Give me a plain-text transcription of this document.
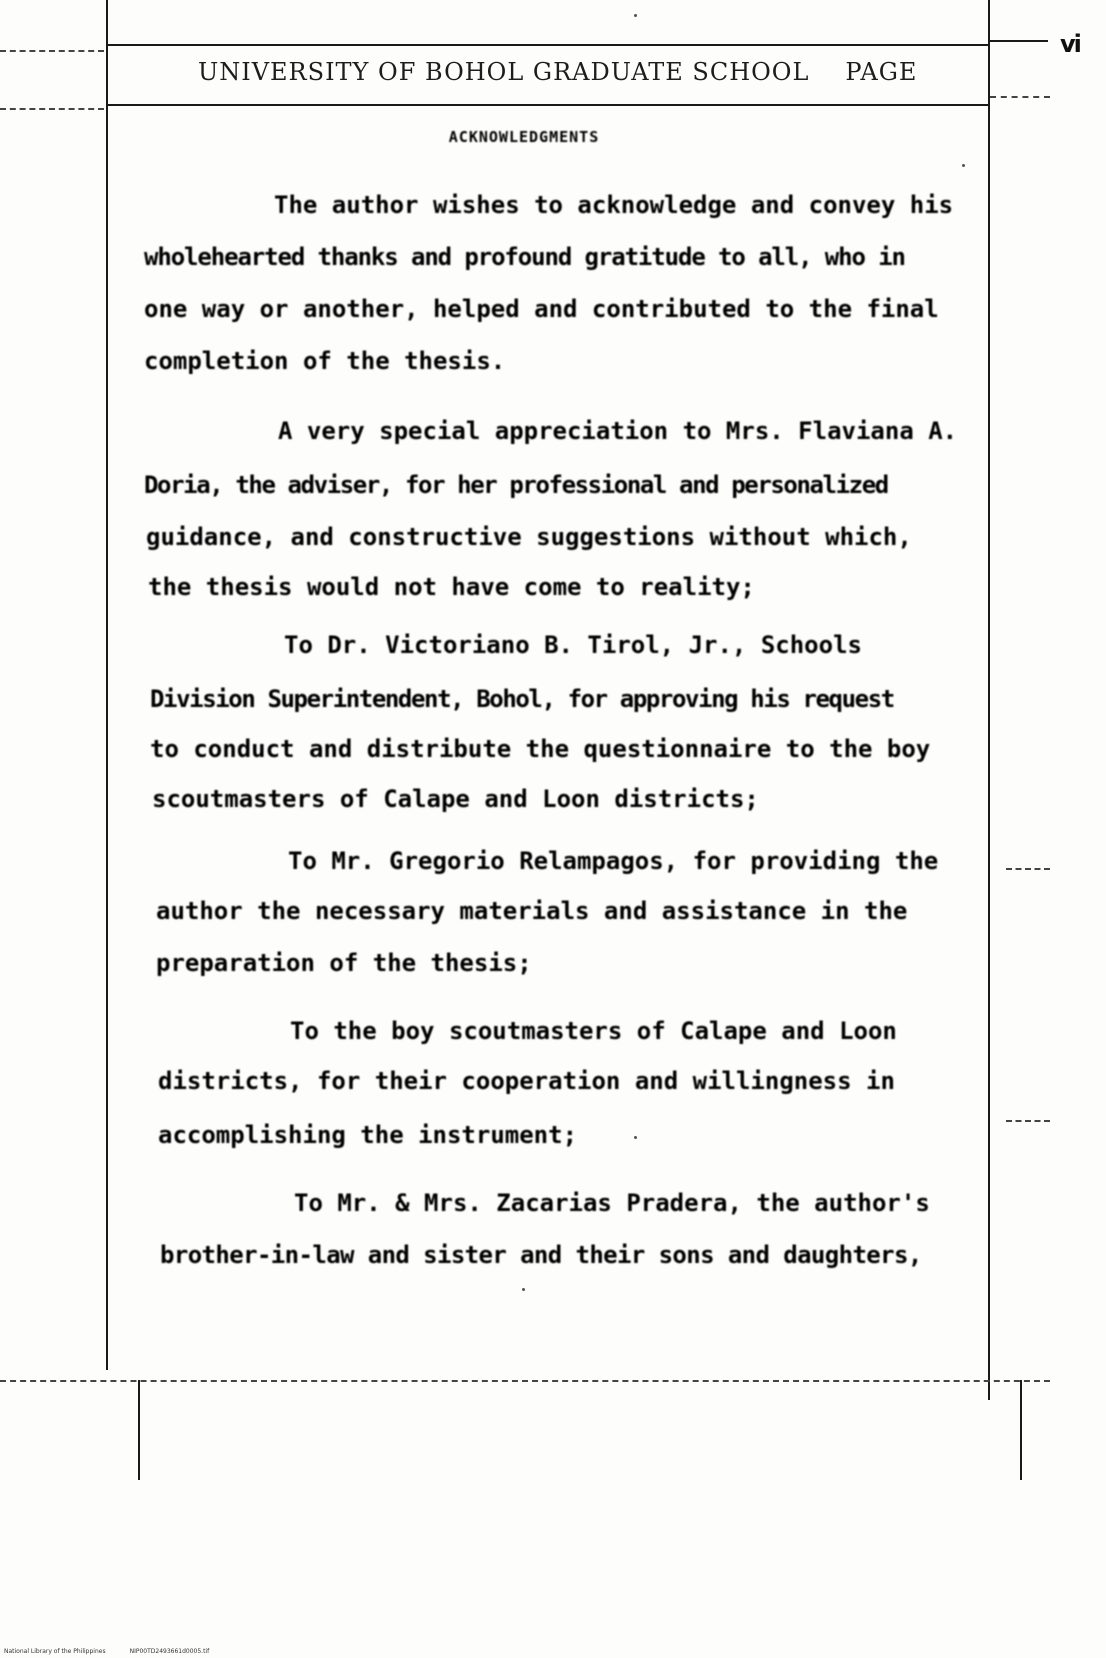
vi
UNIVERSITY OF BOHOL GRADUATE SCHOOL PAGE
ACKNOWLEDGMENTS
The author wishes to acknowledge and convey his
wholehearted thanks and profound gratitude to all, who in
one way or another, helped and contributed to the final
completion of the thesis.
A very special appreciation to Mrs. Flaviana A.
Doria, the adviser, for her professional and personalized
guidance, and constructive suggestions without which,
the thesis would not have come to reality;
To Dr. Victoriano B. Tirol, Jr., Schools
Division Superintendent, Bohol, for approving his request
to conduct and distribute the questionnaire to the boy
scoutmasters of Calape and Loon districts;
To Mr. Gregorio Relampagos, for providing the
author the necessary materials and assistance in the
preparation of the thesis;
To the boy scoutmasters of Calape and Loon
districts, for their cooperation and willingness in
accomplishing the instrument;
To Mr. & Mrs. Zacarias Pradera, the author's
brother-in-law and sister and their sons and daughters,
National Library of the Philippines	NIP00TD2493661d0005.tif
